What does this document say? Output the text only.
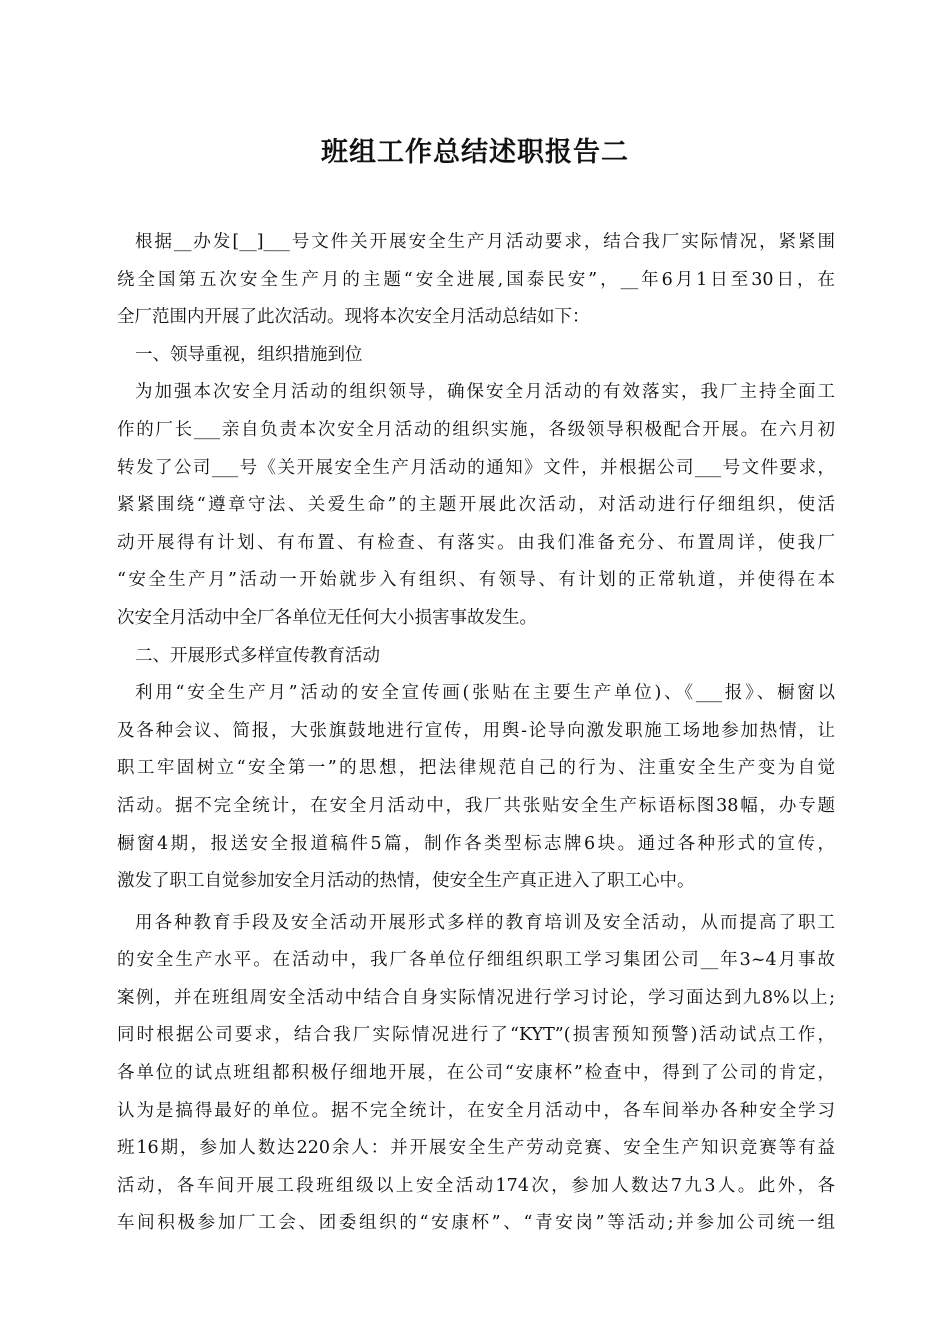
班组工作总结述职报告二
根据__办发[__]___号文件关开展安全生产月活动要求，结合我厂实际情况，紧紧围
绕全国第五次安全生产月的主题“安全进展,国泰民安”，__年6月1日至30日，在
全厂范围内开展了此次活动。现将本次安全月活动总结如下：
一、领导重视，组织措施到位
为加强本次安全月活动的组织领导，确保安全月活动的有效落实，我厂主持全面工
作的厂长___亲自负责本次安全月活动的组织实施，各级领导积极配合开展。在六月初
转发了公司___号《关开展安全生产月活动的通知》文件，并根据公司___号文件要求，
紧紧围绕“遵章守法、关爱生命”的主题开展此次活动，对活动进行仔细组织，使活
动开展得有计划、有布置、有检查、有落实。由我们准备充分、布置周详，使我厂
“安全生产月”活动一开始就步入有组织、有领导、有计划的正常轨道，并使得在本
次安全月活动中全厂各单位无任何大小损害事故发生。
二、开展形式多样宣传教育活动
利用“安全生产月”活动的安全宣传画(张贴在主要生产单位)、《___报》、橱窗以
及各种会议、简报，大张旗鼓地进行宣传，用舆-论导向激发职施工场地参加热情，让
职工牢固树立“安全第一”的思想，把法律规范自己的行为、注重安全生产变为自觉
活动。据不完全统计，在安全月活动中，我厂共张贴安全生产标语标图38幅，办专题
橱窗4期，报送安全报道稿件5篇，制作各类型标志牌6块。通过各种形式的宣传，
激发了职工自觉参加安全月活动的热情，使安全生产真正进入了职工心中。
用各种教育手段及安全活动开展形式多样的教育培训及安全活动，从而提高了职工
的安全生产水平。在活动中，我厂各单位仔细组织职工学习集团公司__年3~4月事故
案例，并在班组周安全活动中结合自身实际情况进行学习讨论，学习面达到九8%以上;
同时根据公司要求，结合我厂实际情况进行了“KYT”(损害预知预警)活动试点工作，
各单位的试点班组都积极仔细地开展，在公司“安康杯”检查中，得到了公司的肯定，
认为是搞得最好的单位。据不完全统计，在安全月活动中，各车间举办各种安全学习
班16期，参加人数达220余人：并开展安全生产劳动竞赛、安全生产知识竞赛等有益
活动，各车间开展工段班组级以上安全活动174次，参加人数达7九3人。此外，各
车间积极参加厂工会、团委组织的“安康杯”、“青安岗”等活动;并参加公司统一组
